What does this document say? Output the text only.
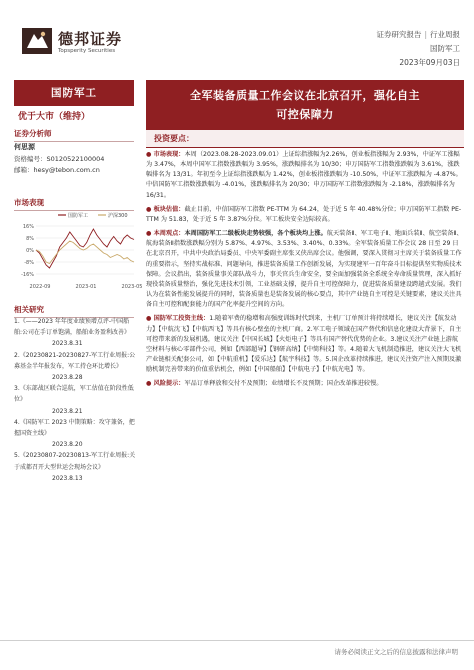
德邦证券
Topsperity Securities
证券研究报告 | 行业周报
国防军工
2023年09月03日
国防军工
优于大市（维持）
证券分析师
何思源
资格编号：S0120522100004
邮箱：hesy@tebon.com.cn
市场表现
16%
8%
0%
-8%
-16%
2022-09	2023-01	2023-05
国防军工	沪深300
相关研究
1.《——2023 年年度业绩预增点评-中国船舶:公司在手订单饱满，船舶业务盈利改善》
2023.8.31
2.《20230821-20230827-军工行业周报:公募基金半年报发布，军工持仓环比增长》
2023.8.28
3.《东部战区联合巡航，军工估值在阶段性低位》
2023.8.21
4.《国防军工 2023 中期策略：攻守兼备，把握国资主线》
2023.8.20
5.《20230807-20230813-军工行业周报:关于成都召开大型世运会现场会议》
2023.8.13
全军装备质量工作会议在北京召开，强化自主
可控保障力
投资要点：
● 市场表现：本周（2023.08.28-2023.09.01）上证综指涨幅为2.26%，创业板指涨幅为 2.93%，中证军工涨幅为 3.47%，本周中国军工指数涨跌幅为 3.95%，涨跌幅排名为 10/30；申万国防军工指数涨跌幅为 3.61%，涨跌幅排名为 13/31。年初至今上证综指涨跌幅为 1.42%，创业板指涨跌幅为 -10.50%，中证军工涨跌幅为 -4.87%。中信国防军工指数涨跌幅为 -4.01%，涨跌幅排名为 20/30；申万国防军工指数涨跌幅为 -2.18%，涨跌幅排名为 16/31。
● 板块估值：截止目前，中信国防军工指数 PE-TTM 为 64.24，处于近 5 年 40.48%分位；申万国防军工指数 PE-TTM 为 51.83，处于近 5 年 3.87%分位。军工板块安全边际较高。
● 本周观点：本周国防军工二级板块走势较强，各个板块均上涨。航天装备Ⅱ、军工电子Ⅱ、地面兵装Ⅱ、航空装备Ⅱ、航海装备Ⅱ指数涨跌幅分别为 5.87%、4.97%、3.53%、3.40%、0.33%。全军装备质量工作会议 28 日至 29 日在北京召开，中共中央政治局委员、中央军委副主席张又侠出席会议。他强调，要深入贯彻习主席关于装备质量工作的重要指示，坚持实战标准、问题导向，推进装备质量工作创新发展，为实现建军一百年奋斗目标提供坚实物质技术保障。会议指出，装备质量事关部队战斗力，事关官兵生命安全，要全面加强装备全系统全寿命质量管理，深入抓好现役装备质量整治，强化先进技术引领，工业基础支撑，提升自主可控保障力，促进装备质量建设跨越式发展。我们认为在装备性能发展提升的同时，装备质量也是装备发展的核心要点，其中产业链自主可控是关键要素，建议关注具备自主可控和配套能力的国产化率提升空间的方向。
● 国防军工投资主线：1.随着军费的稳增和高强度训练时代到来，主机厂订单预计将持续增长，建议关注【航发动力】【中航沈飞】【中航西飞】等具有核心壁垒的主机厂商。2.军工电子领域在国产替代和信息化建设大背景下，自主可控带来新的发展机遇，建议关注【中国长城】【火炬电子】等具有国产替代优势的企业。3.建议关注产业链上游航空材料与核心零部件公司，例如【西部超导】【钢研高纳】【中简科技】等。4.随着大飞机制造推进，建议关注大飞机产业链相关配套公司，如【中航重机】【爱乐达】【航宇科技】等。5.国企改革持续推进，建议关注资产注入预期及激励机制完善带来的价值重估机会，例如【中国船舶】【中航电子】【中航光电】等。
● 风险提示：军品订单释放和交付不及预期；业绩增长不及预期；国企改革推进较慢。
请务必阅读正文之后的信息披露和法律声明
